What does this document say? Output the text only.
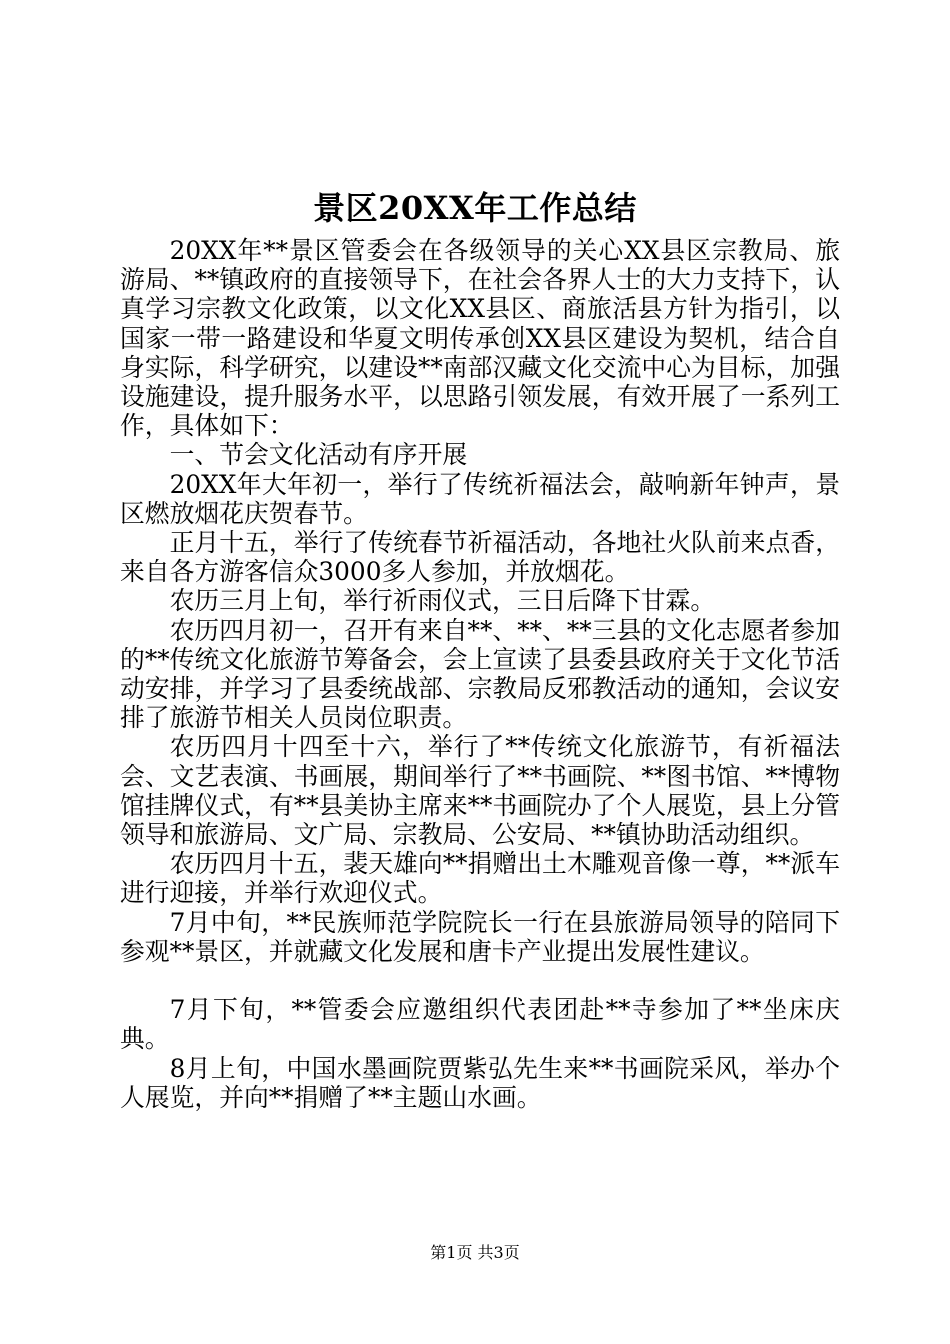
景区20XX年工作总结

20XX年**景区管委会在各级领导的关心XX县区宗教局、旅游局、**镇政府的直接领导下，在社会各界人士的大力支持下，认真学习宗教文化政策，以文化XX县区、商旅活县方针为指引，以国家一带一路建设和华夏文明传承创XX县区建设为契机，结合自身实际，科学研究，以建设**南部汉藏文化交流中心为目标，加强设施建设，提升服务水平，以思路引领发展，有效开展了一系列工作，具体如下：

一、节会文化活动有序开展

20XX年大年初一，举行了传统祈福法会，敲响新年钟声，景区燃放烟花庆贺春节。

正月十五，举行了传统春节祈福活动，各地社火队前来点香，来自各方游客信众3000多人参加，并放烟花。

农历三月上旬，举行祈雨仪式，三日后降下甘霖。

农历四月初一，召开有来自**、**、**三县的文化志愿者参加的**传统文化旅游节筹备会，会上宣读了县委县政府关于文化节活动安排，并学习了县委统战部、宗教局反邪教活动的通知，会议安排了旅游节相关人员岗位职责。

农历四月十四至十六，举行了**传统文化旅游节，有祈福法会、文艺表演、书画展，期间举行了**书画院、**图书馆、**博物馆挂牌仪式，有**县美协主席来**书画院办了个人展览，县上分管领导和旅游局、文广局、宗教局、公安局、**镇协助活动组织。

农历四月十五，裴天雄向**捐赠出土木雕观音像一尊，**派车进行迎接，并举行欢迎仪式。

7月中旬，**民族师范学院院长一行在县旅游局领导的陪同下参观**景区，并就藏文化发展和唐卡产业提出发展性建议。

7月下旬，**管委会应邀组织代表团赴**寺参加了**坐床庆典。

8月上旬，中国水墨画院贾紫弘先生来**书画院采风，举办个人展览，并向**捐赠了**主题山水画。

第1页 共3页
